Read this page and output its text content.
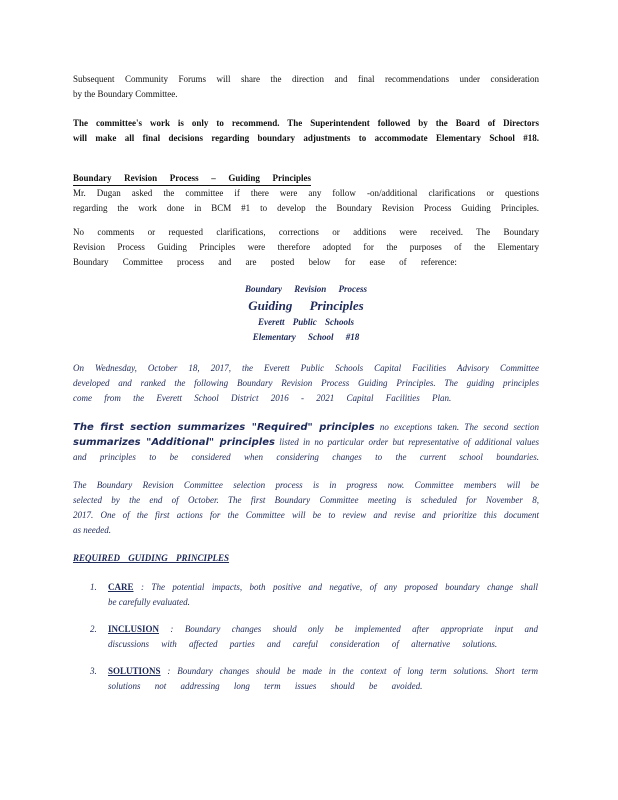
Subsequent Community Forums will share the direction and final recommendations under consideration
by the Boundary Committee.
The committee's work is only to recommend. The Superintendent followed by the Board of Directors
will make all final decisions regarding boundary adjustments to accommodate Elementary School #18.
Boundary Revision Process – Guiding Principles
Mr. Dugan asked the committee if there were any follow -on/additional clarifications or questions
regarding the work done in BCM #1 to develop the Boundary Revision Process Guiding Principles.
No comments or requested clarifications, corrections or additions were received. The Boundary
Revision Process Guiding Principles were therefore adopted for the purposes of the Elementary
Boundary Committee process and are posted below for ease of reference:
Boundary Revision Process
Guiding Principles
Everett Public Schools
Elementary School #18
On Wednesday, October 18, 2017, the Everett Public Schools Capital Facilities Advisory Committee
developed and ranked the following Boundary Revision Process Guiding Principles. The guiding principles
come from the Everett School District 2016 - 2021 Capital Facilities Plan.
The first section summarizes "Required" principles no exceptions taken. The second section
summarizes "Additional" principles listed in no particular order but representative of additional values
and principles to be considered when considering changes to the current school boundaries.
The Boundary Revision Committee selection process is in progress now. Committee members will be
selected by the end of October. The first Boundary Committee meeting is scheduled for November 8,
2017. One of the first actions for the Committee will be to review and revise and prioritize this document
as needed.
REQUIRED GUIDING PRINCIPLES
1. CARE : The potential impacts, both positive and negative, of any proposed boundary change shall
be carefully evaluated.
2. INCLUSION : Boundary changes should only be implemented after appropriate input and
discussions with affected parties and careful consideration of alternative solutions.
3. SOLUTIONS : Boundary changes should be made in the context of long term solutions. Short term
solutions not addressing long term issues should be avoided.
